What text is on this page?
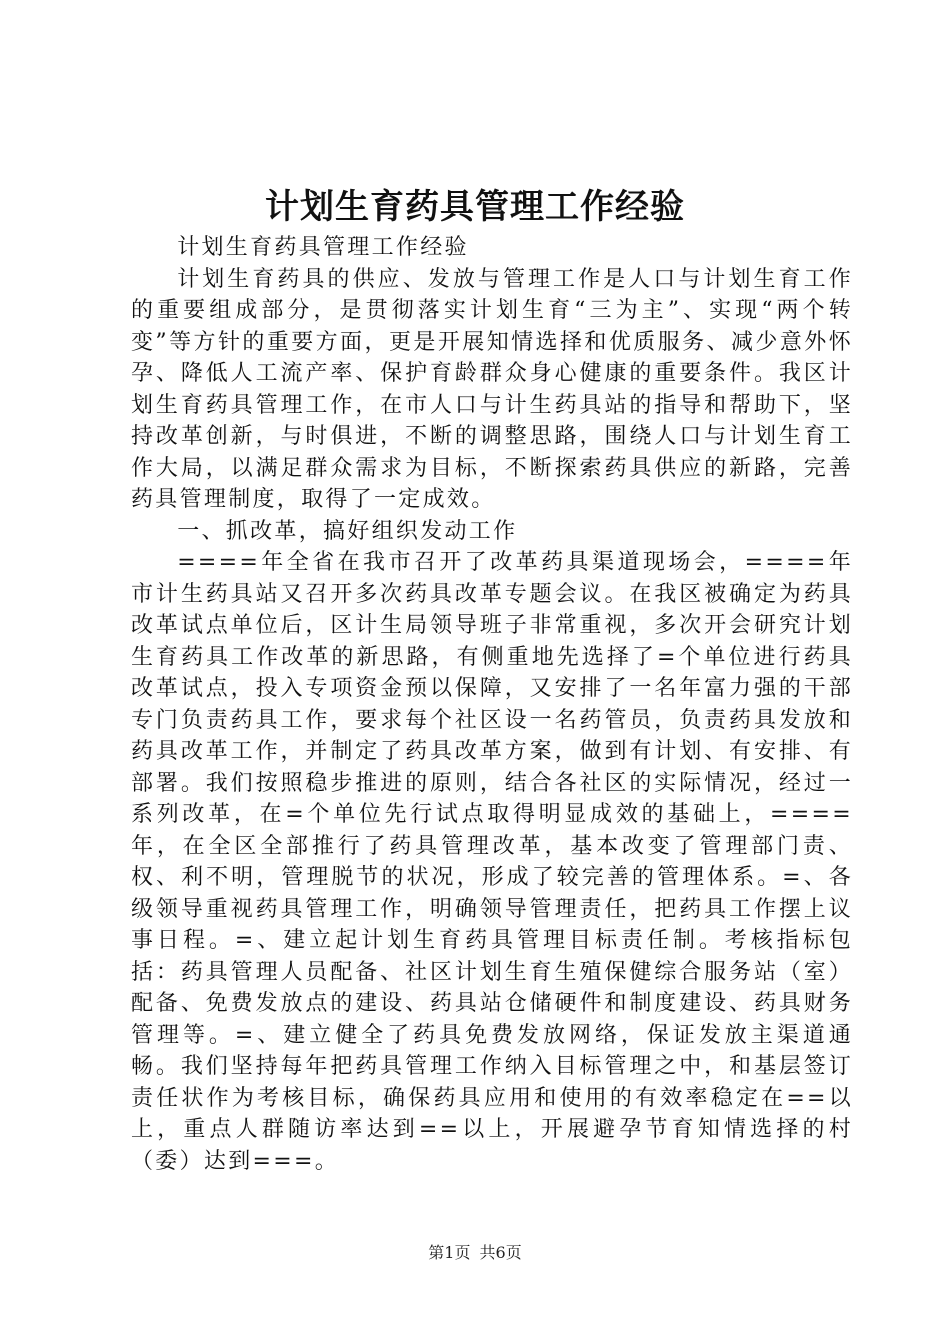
计划生育药具管理工作经验

计划生育药具管理工作经验

计划生育药具的供应、发放与管理工作是人口与计划生育工作的重要组成部分，是贯彻落实计划生育“三为主”、实现“两个转变”等方针的重要方面，更是开展知情选择和优质服务、减少意外怀孕、降低人工流产率、保护育龄群众身心健康的重要条件。我区计划生育药具管理工作，在市人口与计生药具站的指导和帮助下，坚持改革创新，与时俱进，不断的调整思路，围绕人口与计划生育工作大局，以满足群众需求为目标，不断探索药具供应的新路，完善药具管理制度，取得了一定成效。

一、抓改革，搞好组织发动工作

====年全省在我市召开了改革药具渠道现场会，====年市计生药具站又召开多次药具改革专题会议。在我区被确定为药具改革试点单位后，区计生局领导班子非常重视，多次开会研究计划生育药具工作改革的新思路，有侧重地先选择了=个单位进行药具改革试点，投入专项资金预以保障，又安排了一名年富力强的干部专门负责药具工作，要求每个社区设一名药管员，负责药具发放和药具改革工作，并制定了药具改革方案，做到有计划、有安排、有部署。我们按照稳步推进的原则，结合各社区的实际情况，经过一系列改革，在=个单位先行试点取得明显成效的基础上，====年，在全区全部推行了药具管理改革，基本改变了管理部门责、权、利不明，管理脱节的状况，形成了较完善的管理体系。=、各级领导重视药具管理工作，明确领导管理责任，把药具工作摆上议事日程。=、建立起计划生育药具管理目标责任制。考核指标包括：药具管理人员配备、社区计划生育生殖保健综合服务站（室）配备、免费发放点的建设、药具站仓储硬件和制度建设、药具财务管理等。=、建立健全了药具免费发放网络，保证发放主渠道通畅。我们坚持每年把药具管理工作纳入目标管理之中，和基层签订责任状作为考核目标，确保药具应用和使用的有效率稳定在==以上，重点人群随访率达到==以上，开展避孕节育知情选择的村（委）达到===。

第1页 共6页
